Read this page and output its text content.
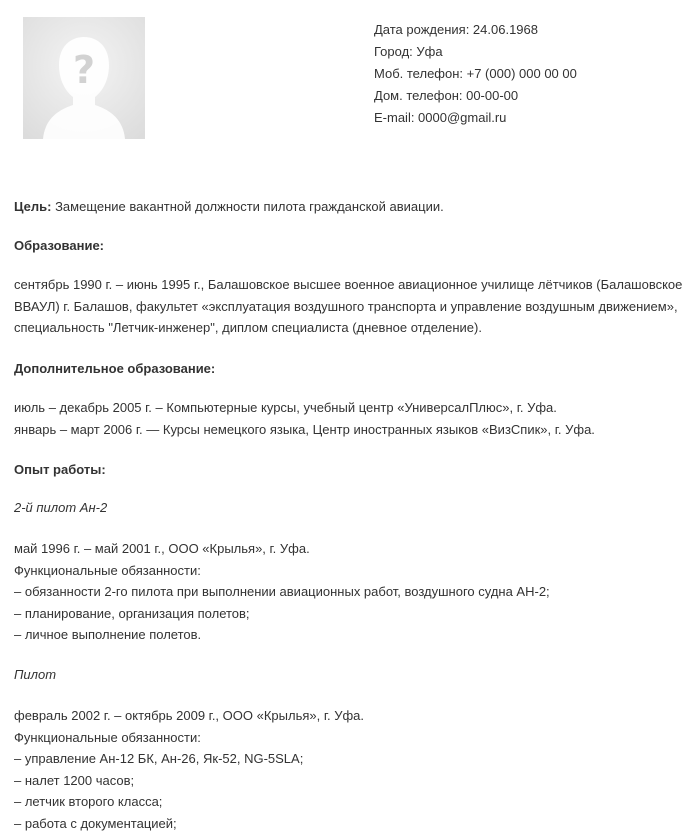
?
Дата рождения: 24.06.1968
Город: Уфа
Моб. телефон: +7 (000) 000 00 00
Дом. телефон: 00-00-00
E-mail: 0000@gmail.ru
Цель: Замещение вакантной должности пилота гражданской авиации.
Образование:
сентябрь 1990 г. – июнь 1995 г., Балашовское высшее военное авиационное училище лётчиков (Балашовское
ВВАУЛ) г. Балашов, факультет «эксплуатация воздушного транспорта и управление воздушным движением»,
специальность "Летчик-инженер", диплом специалиста (дневное отделение).
Дополнительное образование:
июль – декабрь 2005 г. – Компьютерные курсы, учебный центр «УниверсалПлюс», г. Уфа.
январь – март 2006 г. — Курсы немецкого языка, Центр иностранных языков «ВизСпик», г. Уфа.
Опыт работы:
2-й пилот Ан-2
май 1996 г. – май 2001 г., ООО «Крылья», г. Уфа.
Функциональные обязанности:
– обязанности 2-го пилота при выполнении авиационных работ, воздушного судна АН-2;
– планирование, организация полетов;
– личное выполнение полетов.
Пилот
февраль 2002 г. – октябрь 2009 г., ООО «Крылья», г. Уфа.
Функциональные обязанности:
– управление Ан-12 БК, Ан-26, Як-52, NG-5SLA;
– налет 1200 часов;
– летчик второго класса;
– работа с документацией;
